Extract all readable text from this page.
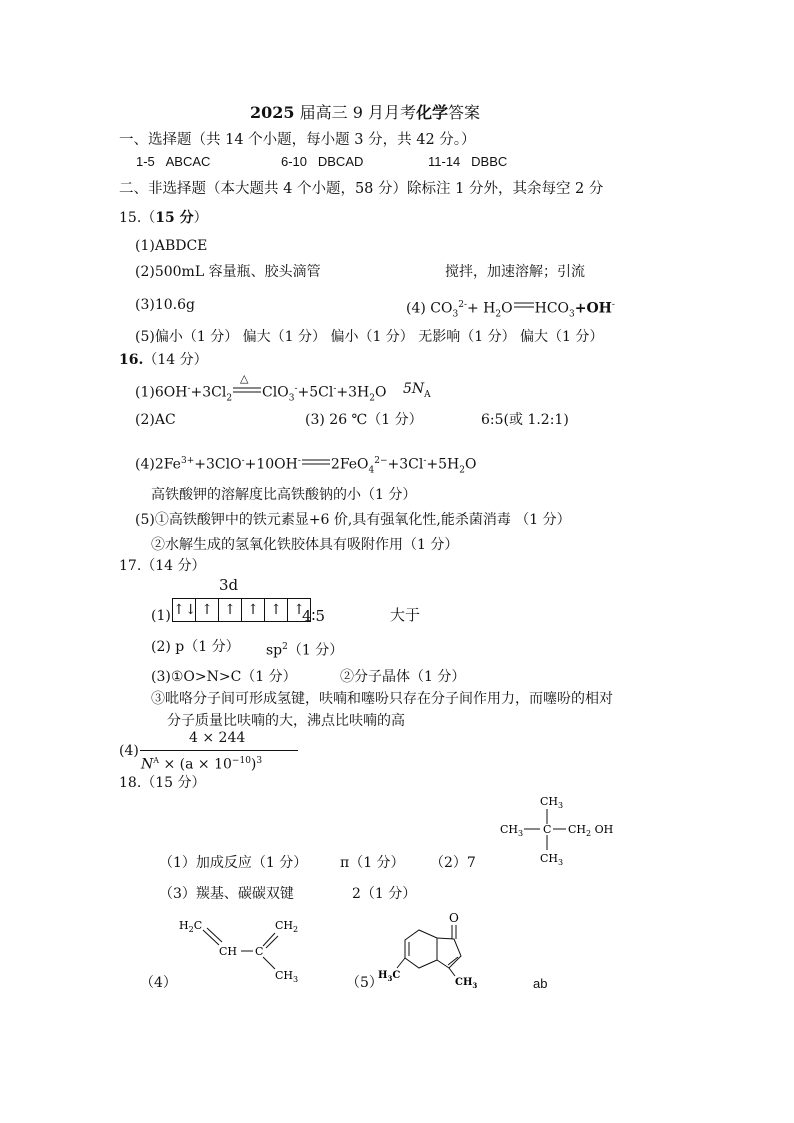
2025 届高三 9 月月考化学答案
一、选择题（共 14 个小题，每小题 3 分，共 42 分。）
1-5 ABCAC	6-10 DBCAD	11-14 DBBC
二、非选择题（本大题共 4 个小题，58 分）除标注 1 分外，其余每空 2 分
15.（15 分）
(1)ABDCE
(2)500mL 容量瓶、胶头滴管	搅拌，加速溶解；引流
(3)10.6g	(4) $CO_3^{2-}+ H_2O$ $HCO_3+OH^-$
(5)偏小（1 分） 偏大（1 分） 偏小（1 分） 无影响（1 分） 偏大（1 分）
16.（14 分）
$(1)6OH^-+3Cl_2$
△
$ClO_3^-+5Cl^-+3H_2O$ $5N_A$
(2)AC	(3) 26 ℃（1 分）	6:5(或 1.2:1)
$(4)2Fe^{3+}+3ClO^-+10OH^-$ $2FeO_4^{2-}+3Cl^-+5H_2O$
高铁酸钾的溶解度比高铁酸钠的小（1 分）
(5)①高铁酸钾中的铁元素显+6 价,具有强氧化性,能杀菌消毒 （1 分）
②水解生成的氢氧化铁胶体具有吸附作用（1 分）
17.（14 分）
3d
(1) ↑↓ ↑ ↑ ↑ ↑ ↑
4∶5	大于
(2) p（1 分） $sp^2(1$ 分）
(3)①O>N>C（1 分）	②分子晶体（1 分）
③吡咯分子间可形成氢键，呋喃和噻吩只存在分子间作用力，而噻吩的相对
分子质量比呋喃的大，沸点比呋喃的高
(4)
4 × 244
$N^A \times (a \times 10^{-10})^3$
18.（15 分）
$CH_3$
$CH_3$ C $CH_2$ OH
$CH_3$
（1）加成反应（1 分） π（1 分） （2）7
（3）羰基、碳碳双键	2（1 分）
（4）
$H_2C$
CH C
$CH_2$
$CH_3$	（5）
O
$H_3C$
$CH_3$	ab
